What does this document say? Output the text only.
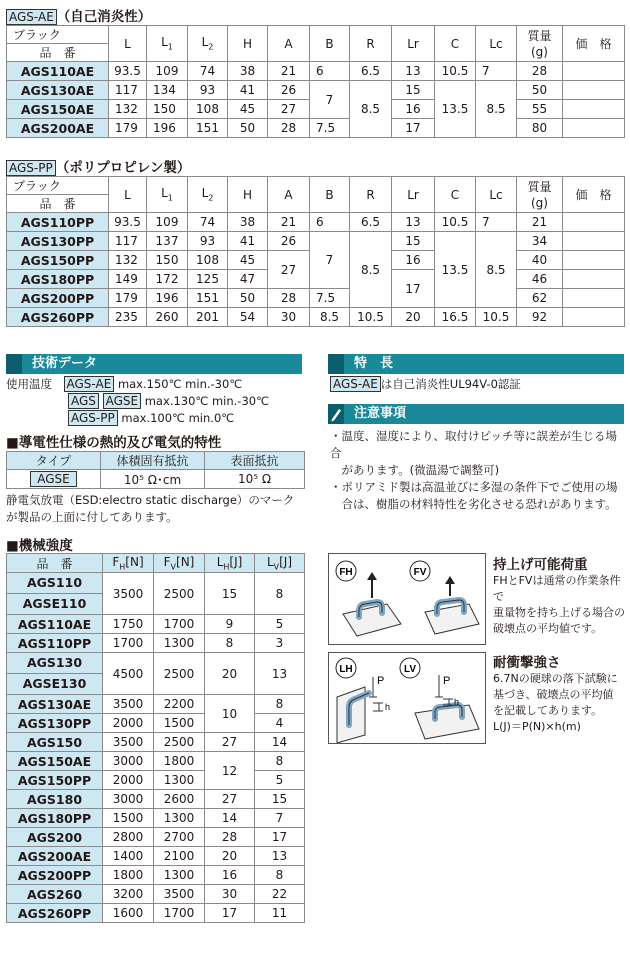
AGS-AE （自己消炎性）
ブラック	L	$L_1$	$L_2$	H	A	B	R	Lr	C	Lc	質量
(g)	価　格
品　番												
AGS110AE	93.5	109	74	38	21	6	6.5	13	10.5	7	28	
AGS130AE	117	134	93	41	26	7	8.5	15	13.5	8.5	50	
AGS150AE	132	150	108	45	27			16			55	
AGS200AE	179	196	151	50	28	7.5		17			80	
AGS-PP （ポリプロピレン製）
ブラック	L	$L_1$	$L_2$	H	A	B	R	Lr	C	Lc	質量
(g)	価　格
品　番												
AGS110PP	93.5	109	74	38	21	6	6.5	13	10.5	7	21	
AGS130PP	117	137	93	41	26	7	8.5	15	13.5	8.5	34	
AGS150PP	132	150	108	45	27			16			40	
AGS180PP	149	172	125	47				17			46	
AGS200PP	179	196	151	50	28	7.5					62	
AGS260PP	235	260	201	54	30	8.5	10.5	20	16.5	10.5	92	
技術データ
使用温度　 AGS-AE max.150℃ min.-30℃
AGS AGSE max.130℃ min.-30℃
AGS-PP max.100℃ min.0℃
特　長
AGS-AE は自己消炎性UL94V-0認証
注意事項
・温度、湿度により、取付けピッチ等に誤差が生じる場合
　があります。(微温湯で調整可)
・ポリアミド製は高温並びに多湿の条件下でご使用の場
　合は、樹脂の材料特性を劣化させる恐れがあります。
■導電性仕様の熱的及び電気的特性
タイプ	体積固有抵抗	表面抵抗
AGSE	10⁵ Ω･cm	10⁵ Ω
静電気放電（ESD:electro static discharge）のマーク
が製品の上面に付してあります。
■機械強度
品　番	$F_H[N]$	$F_V[N]$	$L_H[J]$	$L_V[J]$

AGS110
AGSE110	3500	2500	15	8
AGS110AE	1750	1700	9	5
AGS110PP	1700	1300	8	3

AGS130
AGSE130	4500	2500	20	13
AGS130AE	3500	2200	10	8
AGS130PP	2000	1500		4
AGS150	3500	2500	27	14
AGS150AE	3000	1800	12	8
AGS150PP	2000	1300		5
AGS180	3000	2600	27	15
AGS180PP	1500	1300	14	7
AGS200	2800	2700	28	17
AGS200AE	1400	2100	20	13
AGS200PP	1800	1300	16	8
AGS260	3200	3500	30	22
AGS260PP	1600	1700	17	11
FH	FV	持上げ可能荷重
FHとFVは通常の作業条件で
重量物を持ち上げる場合の
破壊点の平均値です。
LH	LV
P	P
h	h
耐衝撃強さ
6.7Nの硬球の落下試験に
基づき、破壊点の平均値
を記載してあります。
L(J)＝P(N)×h(m)
